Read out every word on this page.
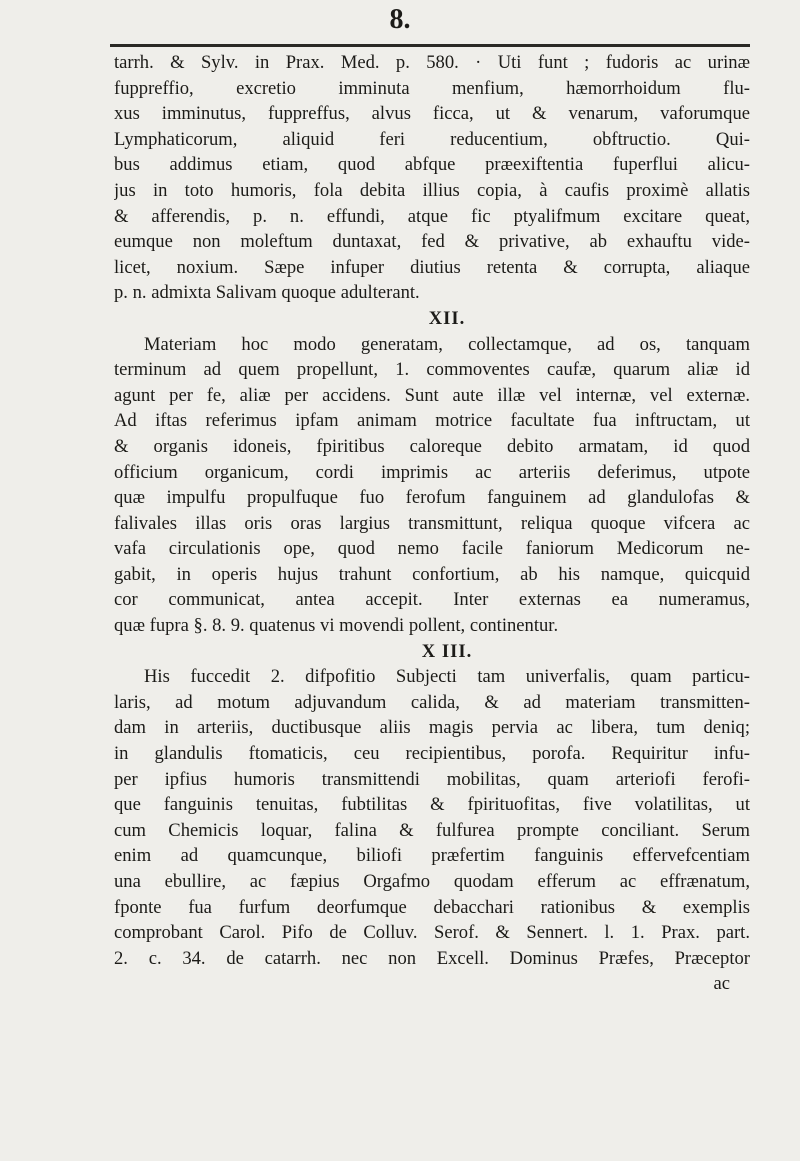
8.
tarrh. & Sylv. in Prax. Med. p. 580. · Uti funt ; fudoris ac urinæ
fuppreffio, excretio imminuta menfium, hæmorrhoidum flu-
xus imminutus, fuppreffus, alvus ficca, ut & venarum, vaforumque
Lymphaticorum, aliquid feri reducentium, obftructio. Qui-
bus addimus etiam, quod abfque præexiftentia fuperflui alicu-
jus in toto humoris, fola debita illius copia, à caufis proximè allatis
& afferendis, p. n. effundi, atque fic ptyalifmum excitare queat,
eumque non moleftum duntaxat, fed & privative, ab exhauftu vide-
licet, noxium. Sæpe infuper diutius retenta & corrupta, aliaque
p. n. admixta Salivam quoque adulterant.
XII.
Materiam hoc modo generatam, collectamque, ad os, tanquam
terminum ad quem propellunt, 1. commoventes caufæ, quarum aliæ id
agunt per fe, aliæ per accidens. Sunt aute illæ vel internæ, vel externæ.
Ad iftas referimus ipfam animam motrice facultate fua inftructam, ut
& organis idoneis, fpiritibus caloreque debito armatam, id quod
officium organicum, cordi imprimis ac arteriis deferimus, utpote
quæ impulfu propulfuque fuo ferofum fanguinem ad glandulofas &
falivales illas oris oras largius transmittunt, reliqua quoque vifcera ac
vafa circulationis ope, quod nemo facile faniorum Medicorum ne-
gabit, in operis hujus trahunt confortium, ab his namque, quicquid
cor communicat, antea accepit. Inter externas ea numeramus,
quæ fupra §. 8. 9. quatenus vi movendi pollent, continentur.
X III.
His fuccedit 2. difpofitio Subjecti tam univerfalis, quam particu-
laris, ad motum adjuvandum calida, & ad materiam transmitten-
dam in arteriis, ductibusque aliis magis pervia ac libera, tum deniq;
in glandulis ftomaticis, ceu recipientibus, porofa. Requiritur infu-
per ipfius humoris transmittendi mobilitas, quam arteriofi ferofi-
que fanguinis tenuitas, fubtilitas & fpirituofitas, five volatilitas, ut
cum Chemicis loquar, falina & fulfurea prompte conciliant. Serum
enim ad quamcunque, biliofi præfertim fanguinis effervefcentiam
una ebullire, ac fæpius Orgafmo quodam efferum ac effrænatum,
fponte fua furfum deorfumque debacchari rationibus & exemplis
comprobant Carol. Pifo de Colluv. Serof. & Sennert. l. 1. Prax. part.
2. c. 34. de catarrh. nec non Excell. Dominus Præfes, Præceptor
ac
